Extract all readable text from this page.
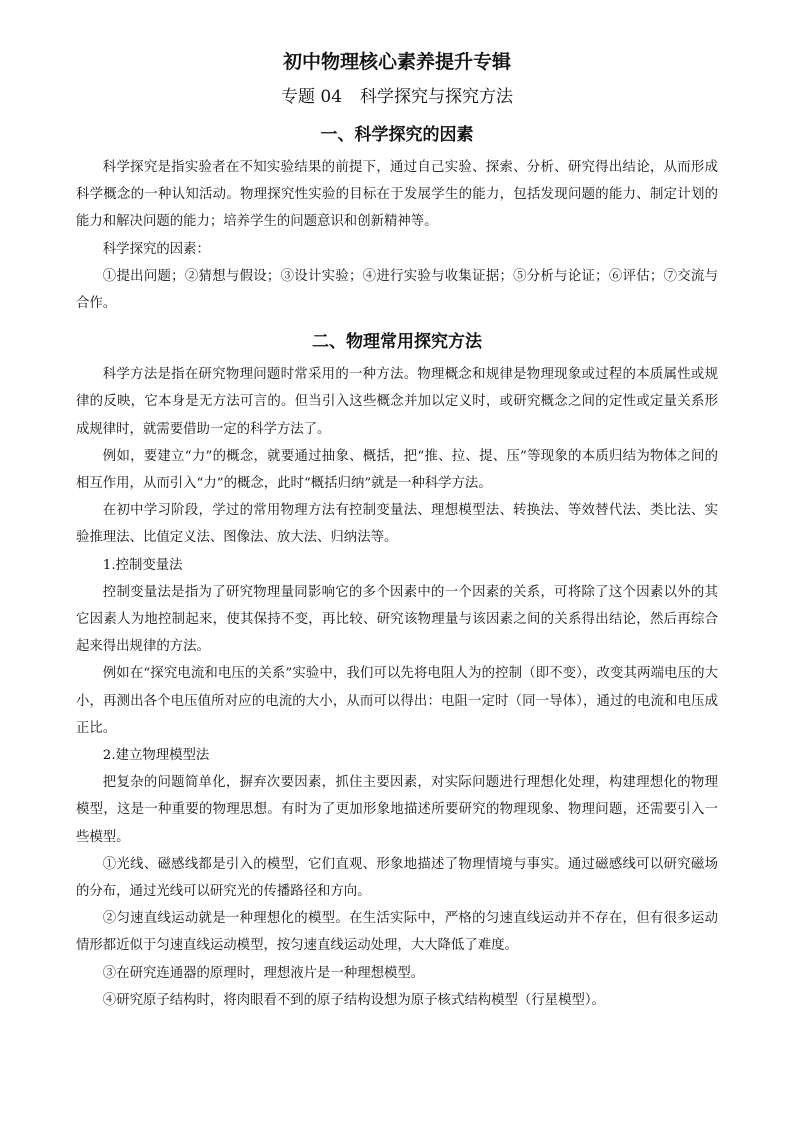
初中物理核心素养提升专辑
专题 04 科学探究与探究方法
一、科学探究的因素

科学探究是指实验者在不知实验结果的前提下，通过自己实验、探索、分析、研究得出结论，从而形成科学概念的一种认知活动。物理探究性实验的目标在于发展学生的能力，包括发现问题的能力、制定计划的能力和解决问题的能力；培养学生的问题意识和创新精神等。

科学探究的因素：

①提出问题；②猜想与假设；③设计实验；④进行实验与收集证据；⑤分析与论证；⑥评估；⑦交流与合作。

二、物理常用探究方法

科学方法是指在研究物理问题时常采用的一种方法。物理概念和规律是物理现象或过程的本质属性或规律的反映，它本身是无方法可言的。但当引入这些概念并加以定义时，或研究概念之间的定性或定量关系形成规律时，就需要借助一定的科学方法了。

例如，要建立“力”的概念，就要通过抽象、概括，把“推、拉、提、压”等现象的本质归结为物体之间的相互作用，从而引入“力”的概念，此时“概括归纳”就是一种科学方法。

在初中学习阶段，学过的常用物理方法有控制变量法、理想模型法、转换法、等效替代法、类比法、实验推理法、比值定义法、图像法、放大法、归纳法等。

1.控制变量法

控制变量法是指为了研究物理量同影响它的多个因素中的一个因素的关系，可将除了这个因素以外的其它因素人为地控制起来，使其保持不变，再比较、研究该物理量与该因素之间的关系得出结论，然后再综合起来得出规律的方法。

例如在“探究电流和电压的关系”实验中，我们可以先将电阻人为的控制（即不变），改变其两端电压的大小，再测出各个电压值所对应的电流的大小，从而可以得出：电阻一定时（同一导体），通过的电流和电压成正比。

2.建立物理模型法

把复杂的问题简单化，摒弃次要因素，抓住主要因素，对实际问题进行理想化处理，构建理想化的物理模型，这是一种重要的物理思想。有时为了更加形象地描述所要研究的物理现象、物理问题，还需要引入一些模型。

①光线、磁感线都是引入的模型，它们直观、形象地描述了物理情境与事实。通过磁感线可以研究磁场的分布，通过光线可以研究光的传播路径和方向。

②匀速直线运动就是一种理想化的模型。在生活实际中，严格的匀速直线运动并不存在，但有很多运动情形都近似于匀速直线运动模型，按匀速直线运动处理，大大降低了难度。

③在研究连通器的原理时，理想液片是一种理想模型。

④研究原子结构时，将肉眼看不到的原子结构设想为原子核式结构模型（行星模型）。
